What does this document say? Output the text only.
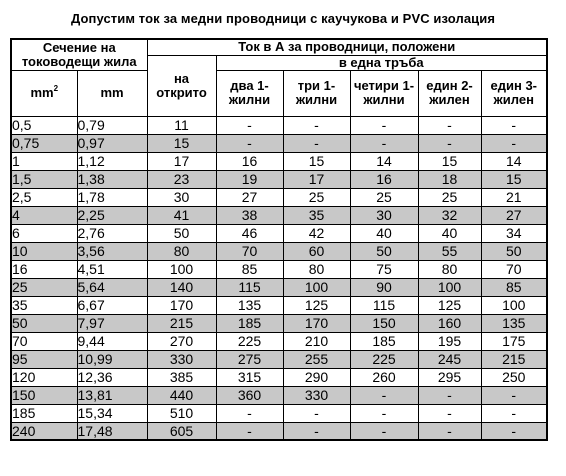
Допустим ток за медни проводници с каучукова и PVC изолация
Сечение на тоководещи жила		Ток в А за проводници, положени					
		на открито	в една тръба				
$mm^2$	mm		два 1- жилни	три 1- жилни	четири 1- жилни	един 2- жилен	един 3- жилен
0,5	0,79	11	-	-	-	-	-
0,75	0,97	15	-	-	-	-	-
1	1,12	17	16	15	14	15	14
1,5	1,38	23	19	17	16	18	15
2,5	1,78	30	27	25	25	25	21
4	2,25	41	38	35	30	32	27
6	2,76	50	46	42	40	40	34
10	3,56	80	70	60	50	55	50
16	4,51	100	85	80	75	80	70
25	5,64	140	115	100	90	100	85
35	6,67	170	135	125	115	125	100
50	7,97	215	185	170	150	160	135
70	9,44	270	225	210	185	195	175
95	10,99	330	275	255	225	245	215
120	12,36	385	315	290	260	295	250
150	13,81	440	360	330	-	-	-
185	15,34	510	-	-	-	-	-
240	17,48	605	-	-	-	-	-
